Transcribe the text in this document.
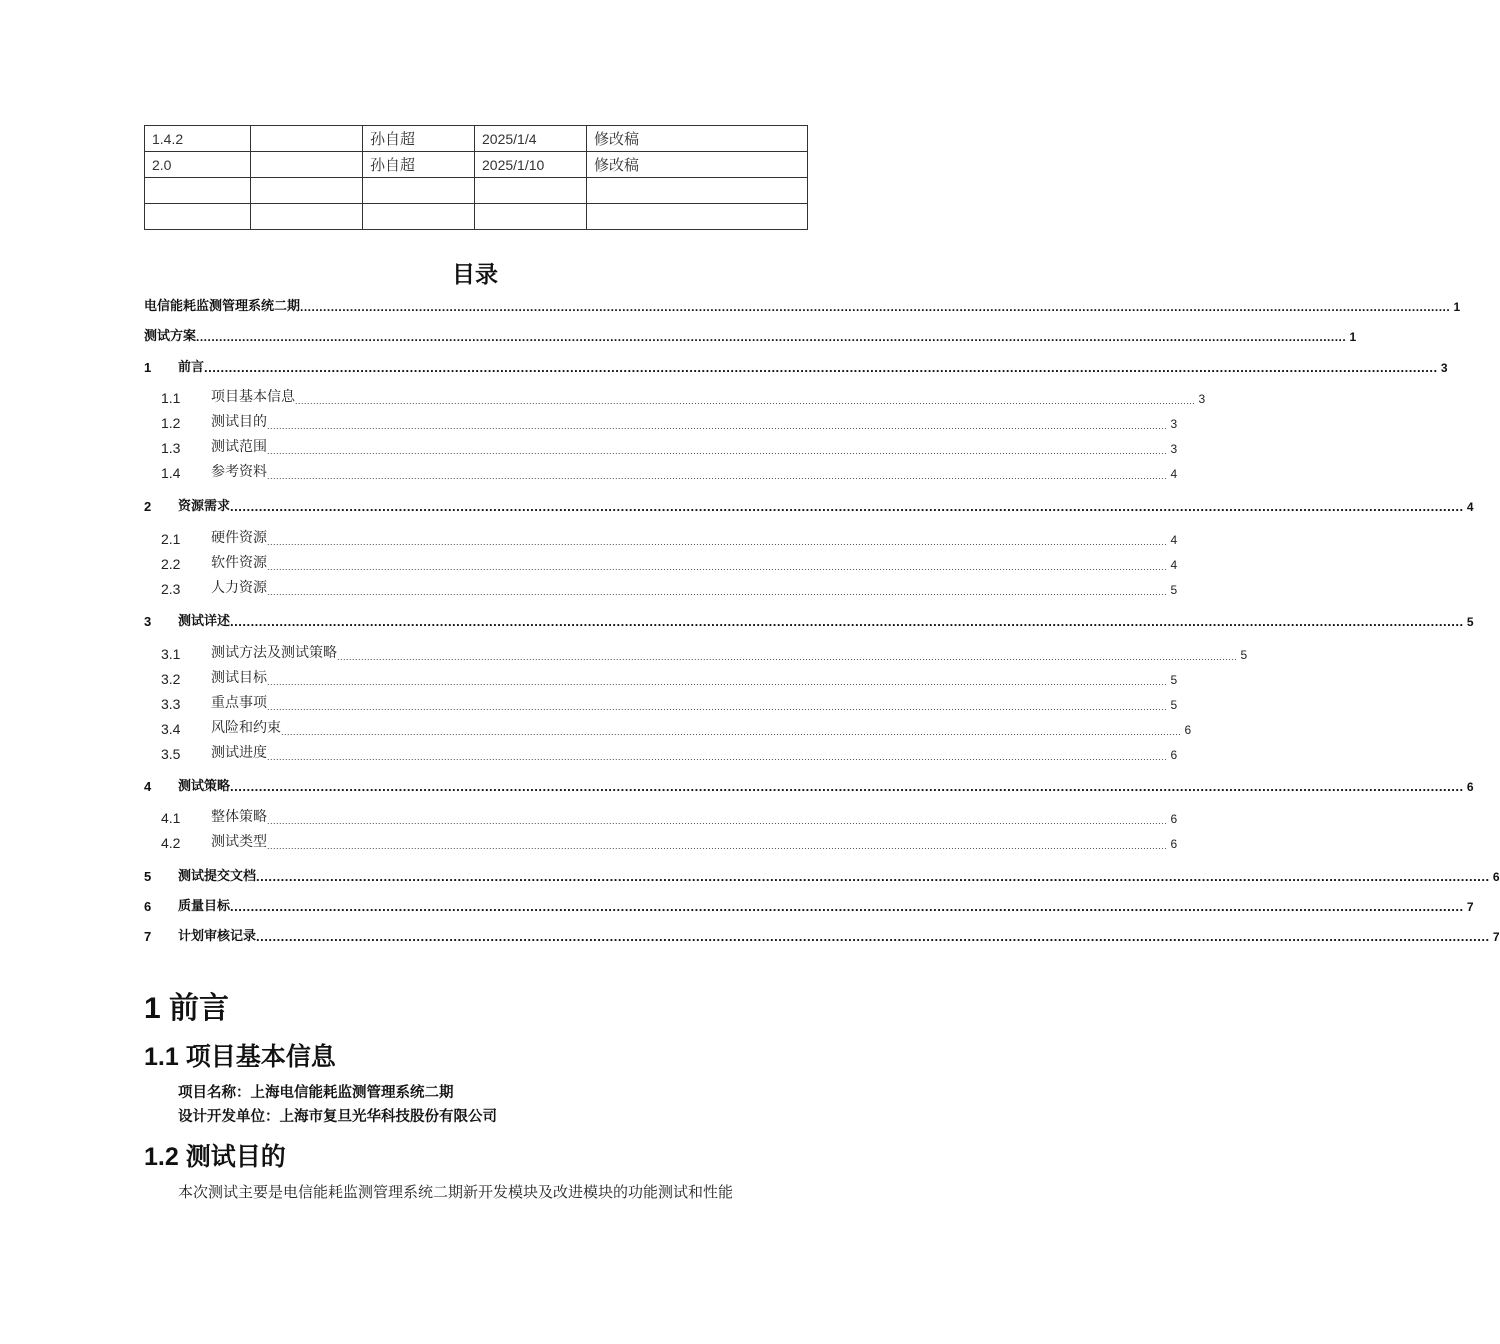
1.4.2		孙自超	2025/1/4	修改稿
2.0		孙自超	2025/1/10	修改稿

目录
电信能耗监测管理系统二期 ............................................................................................................................................................................................................................................................................................................ 1
测试方案 ............................................................................................................................................................................................................................................................................................................ 1
1	前言 ............................................................................................................................................................................................................................................................................................................ 3
1.1	项目基本信息 ............................................................................................................................................................................................................................................................................................................ 3
1.2	测试目的 ............................................................................................................................................................................................................................................................................................................ 3
1.3	测试范围 ............................................................................................................................................................................................................................................................................................................ 3
1.4	参考资料 ............................................................................................................................................................................................................................................................................................................ 4
2	资源需求 ............................................................................................................................................................................................................................................................................................................ 4
2.1	硬件资源 ............................................................................................................................................................................................................................................................................................................ 4
2.2	软件资源 ............................................................................................................................................................................................................................................................................................................ 4
2.3	人力资源 ............................................................................................................................................................................................................................................................................................................ 5
3	测试详述 ............................................................................................................................................................................................................................................................................................................ 5
3.1	测试方法及测试策略 ............................................................................................................................................................................................................................................................................................................ 5
3.2	测试目标 ............................................................................................................................................................................................................................................................................................................ 5
3.3	重点事项 ............................................................................................................................................................................................................................................................................................................ 5
3.4	风险和约束 ............................................................................................................................................................................................................................................................................................................ 6
3.5	测试进度 ............................................................................................................................................................................................................................................................................................................ 6
4	测试策略 ............................................................................................................................................................................................................................................................................................................ 6
4.1	整体策略 ............................................................................................................................................................................................................................................................................................................ 6
4.2	测试类型 ............................................................................................................................................................................................................................................................................................................ 6
5	测试提交文档 ............................................................................................................................................................................................................................................................................................................ 6
6	质量目标 ............................................................................................................................................................................................................................................................................................................ 7
7	计划审核记录 ............................................................................................................................................................................................................................................................................................................ 7
1 前言
1.1 项目基本信息
项目名称：上海电信能耗监测管理系统二期
设计开发单位：上海市复旦光华科技股份有限公司
1.2 测试目的
本次测试主要是电信能耗监测管理系统二期新开发模块及改进模块的功能测试和性能
